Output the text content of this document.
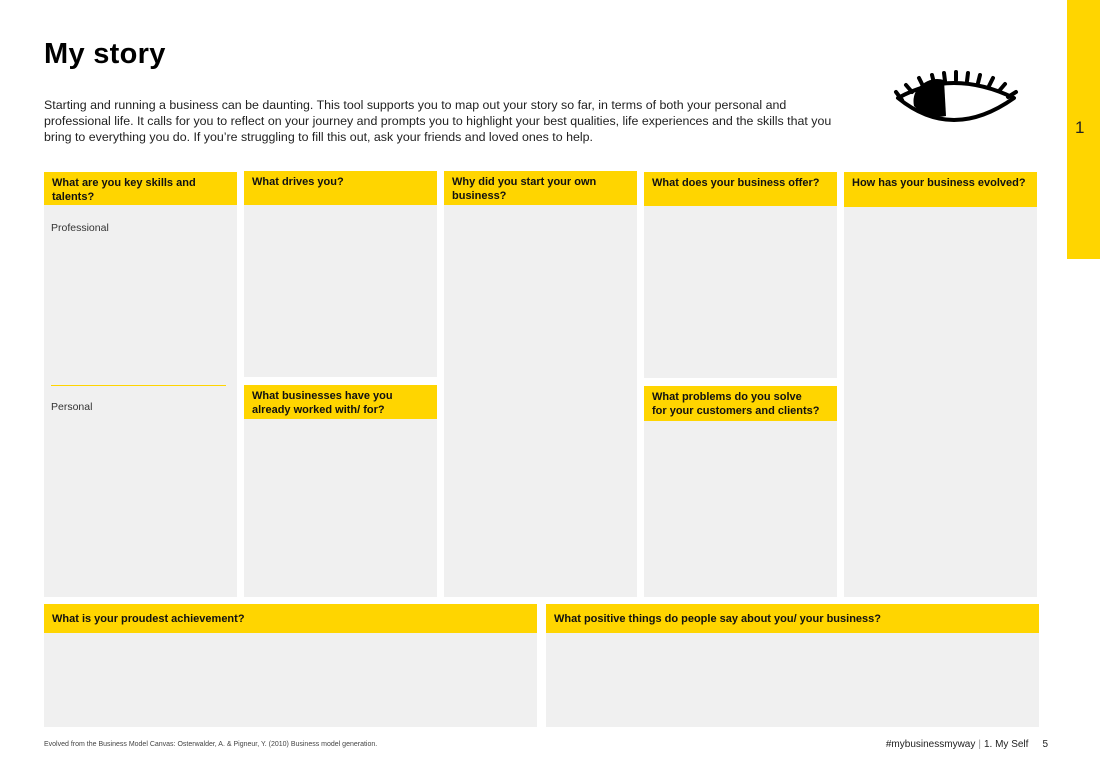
My story

Starting and running a business can be daunting. This tool supports you to map out your story so far, in terms of both your personal and professional life. It calls for you to reflect on your journey and prompts you to highlight your best qualities, life experiences and the skills that you bring to everything you do. If you’re struggling to fill this out, ask your friends and loved ones to help.	1
What are you key skills and talents?
Professional
Personal
What drives you?
What businesses have you
already worked with/ for?
Why did you start your own business?
What does your business offer?
What problems do you solve
for your customers and clients?
How has your business evolved?
What is your proudest achievement?	What positive things do people say about you/ your business?
Evolved from the Business Model Canvas: Osterwalder, A. & Pigneur, Y. (2010) Business model generation.	#mybusinessmyway | 1. My Self 5
